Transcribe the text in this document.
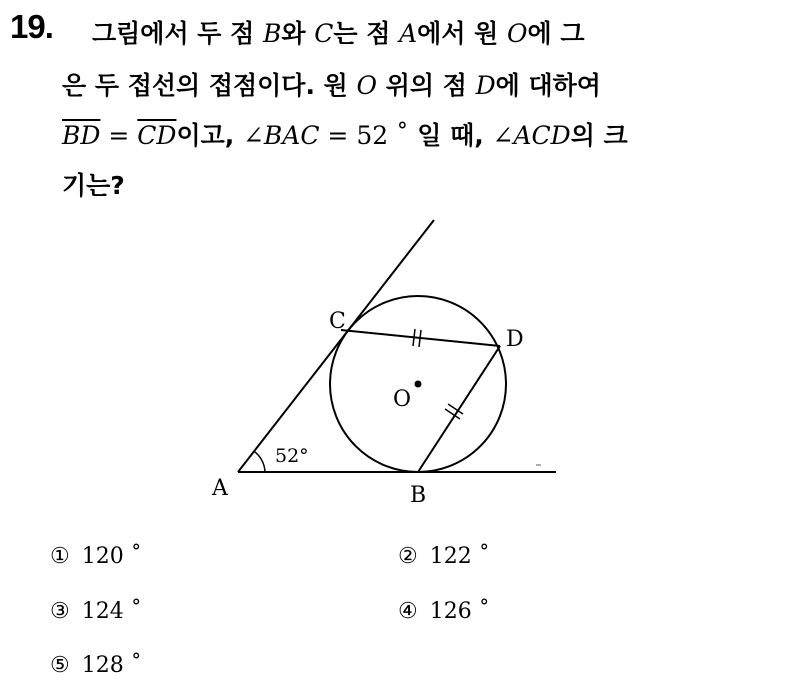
19. 그림에서 두 점 B와 C는 점 A에서 원 O에 그
은 두 접선의 접점이다. 원 O 위의 점 D에 대하여
$\overline{BD} = \overline{CD}$이고, ∠BAC = 52 ˚ 일 때, ∠ACD의 크
기는?
A	B
C
D
O
52°
① 120 ˚	② 122 ˚
③ 124 ˚	④ 126 ˚
⑤ 128 ˚
